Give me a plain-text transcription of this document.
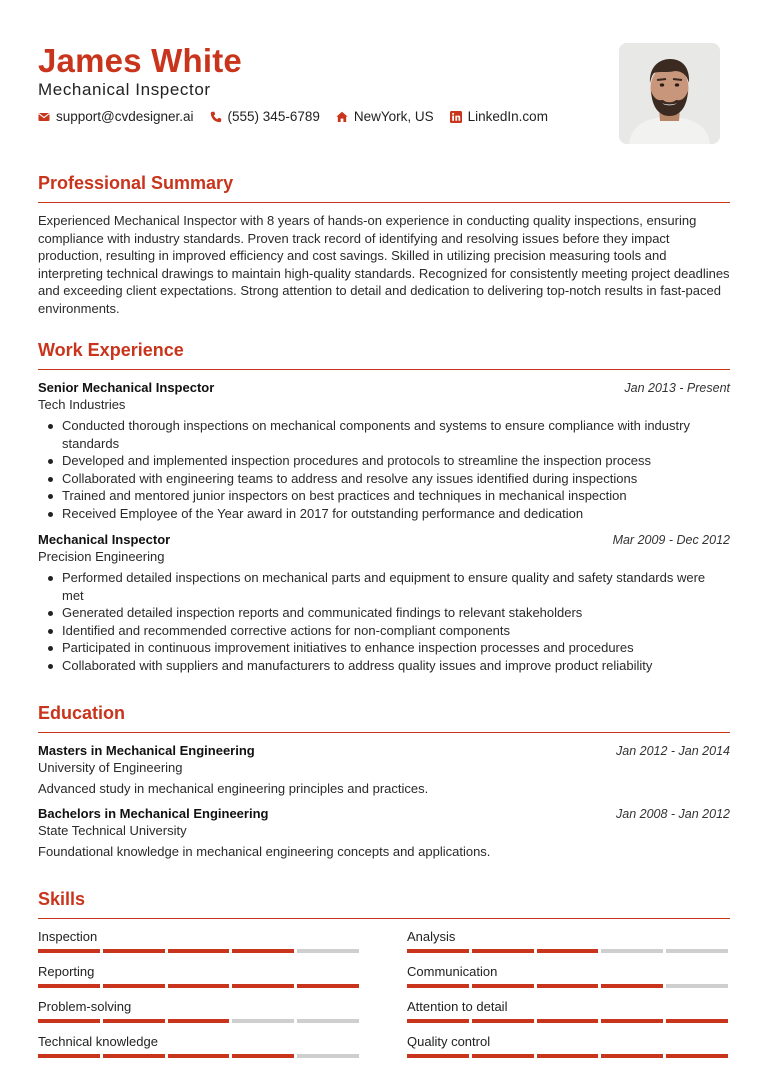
James White
Mechanical Inspector
support@cvdesigner.ai	(555) 345-6789	NewYork, US	LinkedIn.com
Professional Summary

Experienced Mechanical Inspector with 8 years of hands-on experience in conducting quality inspections, ensuring compliance with industry standards. Proven track record of identifying and resolving issues before they impact production, resulting in improved efficiency and cost savings. Skilled in utilizing precision measuring tools and interpreting technical drawings to maintain high-quality standards. Recognized for consistently meeting project deadlines and exceeding client expectations. Strong attention to detail and dedication to delivering top-notch results in fast-paced environments.

Work Experience
Senior Mechanical Inspector	Jan 2013 - Present
Tech Industries
Conducted thorough inspections on mechanical components and systems to ensure compliance with industry standards
Developed and implemented inspection procedures and protocols to streamline the inspection process
Collaborated with engineering teams to address and resolve any issues identified during inspections
Trained and mentored junior inspectors on best practices and techniques in mechanical inspection
Received Employee of the Year award in 2017 for outstanding performance and dedication
Mechanical Inspector	Mar 2009 - Dec 2012
Precision Engineering
Performed detailed inspections on mechanical parts and equipment to ensure quality and safety standards were met
Generated detailed inspection reports and communicated findings to relevant stakeholders
Identified and recommended corrective actions for non-compliant components
Participated in continuous improvement initiatives to enhance inspection processes and procedures
Collaborated with suppliers and manufacturers to address quality issues and improve product reliability
Education
Masters in Mechanical Engineering	Jan 2012 - Jan 2014
University of Engineering
Advanced study in mechanical engineering principles and practices.
Bachelors in Mechanical Engineering	Jan 2008 - Jan 2012
State Technical University
Foundational knowledge in mechanical engineering concepts and applications.
Skills
Inspection	Analysis
Reporting	Communication
Problem-solving	Attention to detail
Technical knowledge	Quality control
